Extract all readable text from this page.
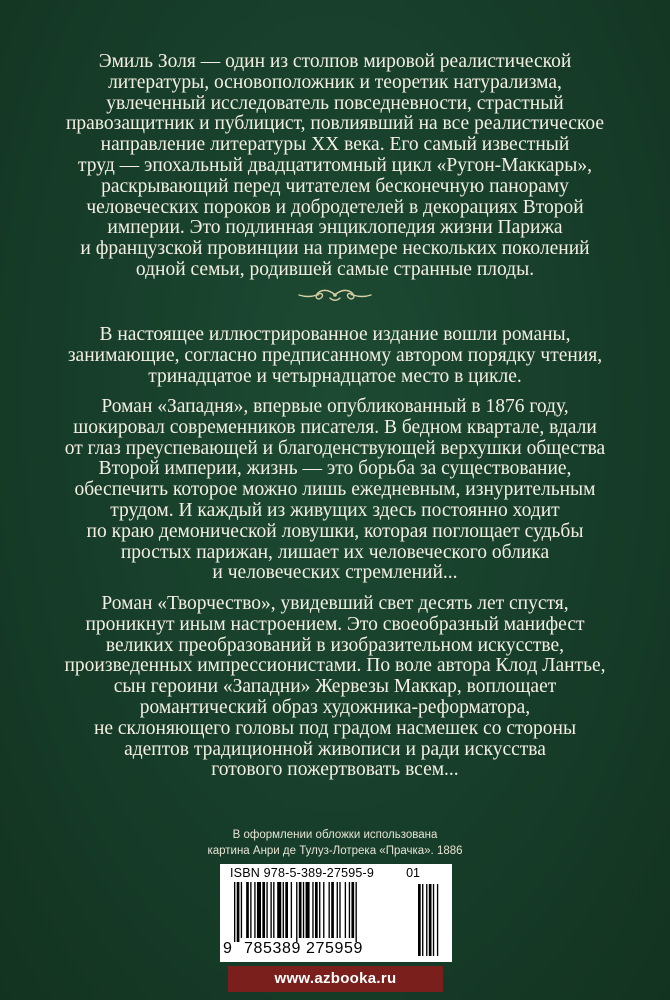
Эмиль Золя — один из столпов мировой реалистической
литературы, основоположник и теоретик натурализма,
увлеченный исследователь повседневности, страстный
правозащитник и публицист, повлиявший на все реалистическое
направление литературы XX века. Его самый известный
труд — эпохальный двадцатитомный цикл «Ругон-Маккары»,
раскрывающий перед читателем бесконечную панораму
человеческих пороков и добродетелей в декорациях Второй
империи. Это подлинная энциклопедия жизни Парижа
и французской провинции на примере нескольких поколений
одной семьи, родившей самые странные плоды.
В настоящее иллюстрированное издание вошли романы,
занимающие, согласно предписанному автором порядку чтения,
тринадцатое и четырнадцатое место в цикле.
Роман «Западня», впервые опубликованный в 1876 году,
шокировал современников писателя. В бедном квартале, вдали
от глаз преуспевающей и благоденствующей верхушки общества
Второй империи, жизнь — это борьба за существование,
обеспечить которое можно лишь ежедневным, изнурительным
трудом. И каждый из живущих здесь постоянно ходит
по краю демонической ловушки, которая поглощает судьбы
простых парижан, лишает их человеческого облика
и человеческих стремлений...
Роман «Творчество», увидевший свет десять лет спустя,
проникнут иным настроением. Это своеобразный манифест
великих преобразований в изобразительном искусстве,
произведенных импрессионистами. По воле автора Клод Лантье,
сын героини «Западни» Жервезы Маккар, воплощает
романтический образ художника-реформатора,
не склоняющего головы под градом насмешек со стороны
адептов традиционной живописи и ради искусства
готового пожертвовать всем...
В оформлении обложки использована
картина Анри де Тулуз-Лотрека «Прачка». 1886
ISBN 978-5-389-27595-9	01
9 785389 275959
www.azbooka.ru
